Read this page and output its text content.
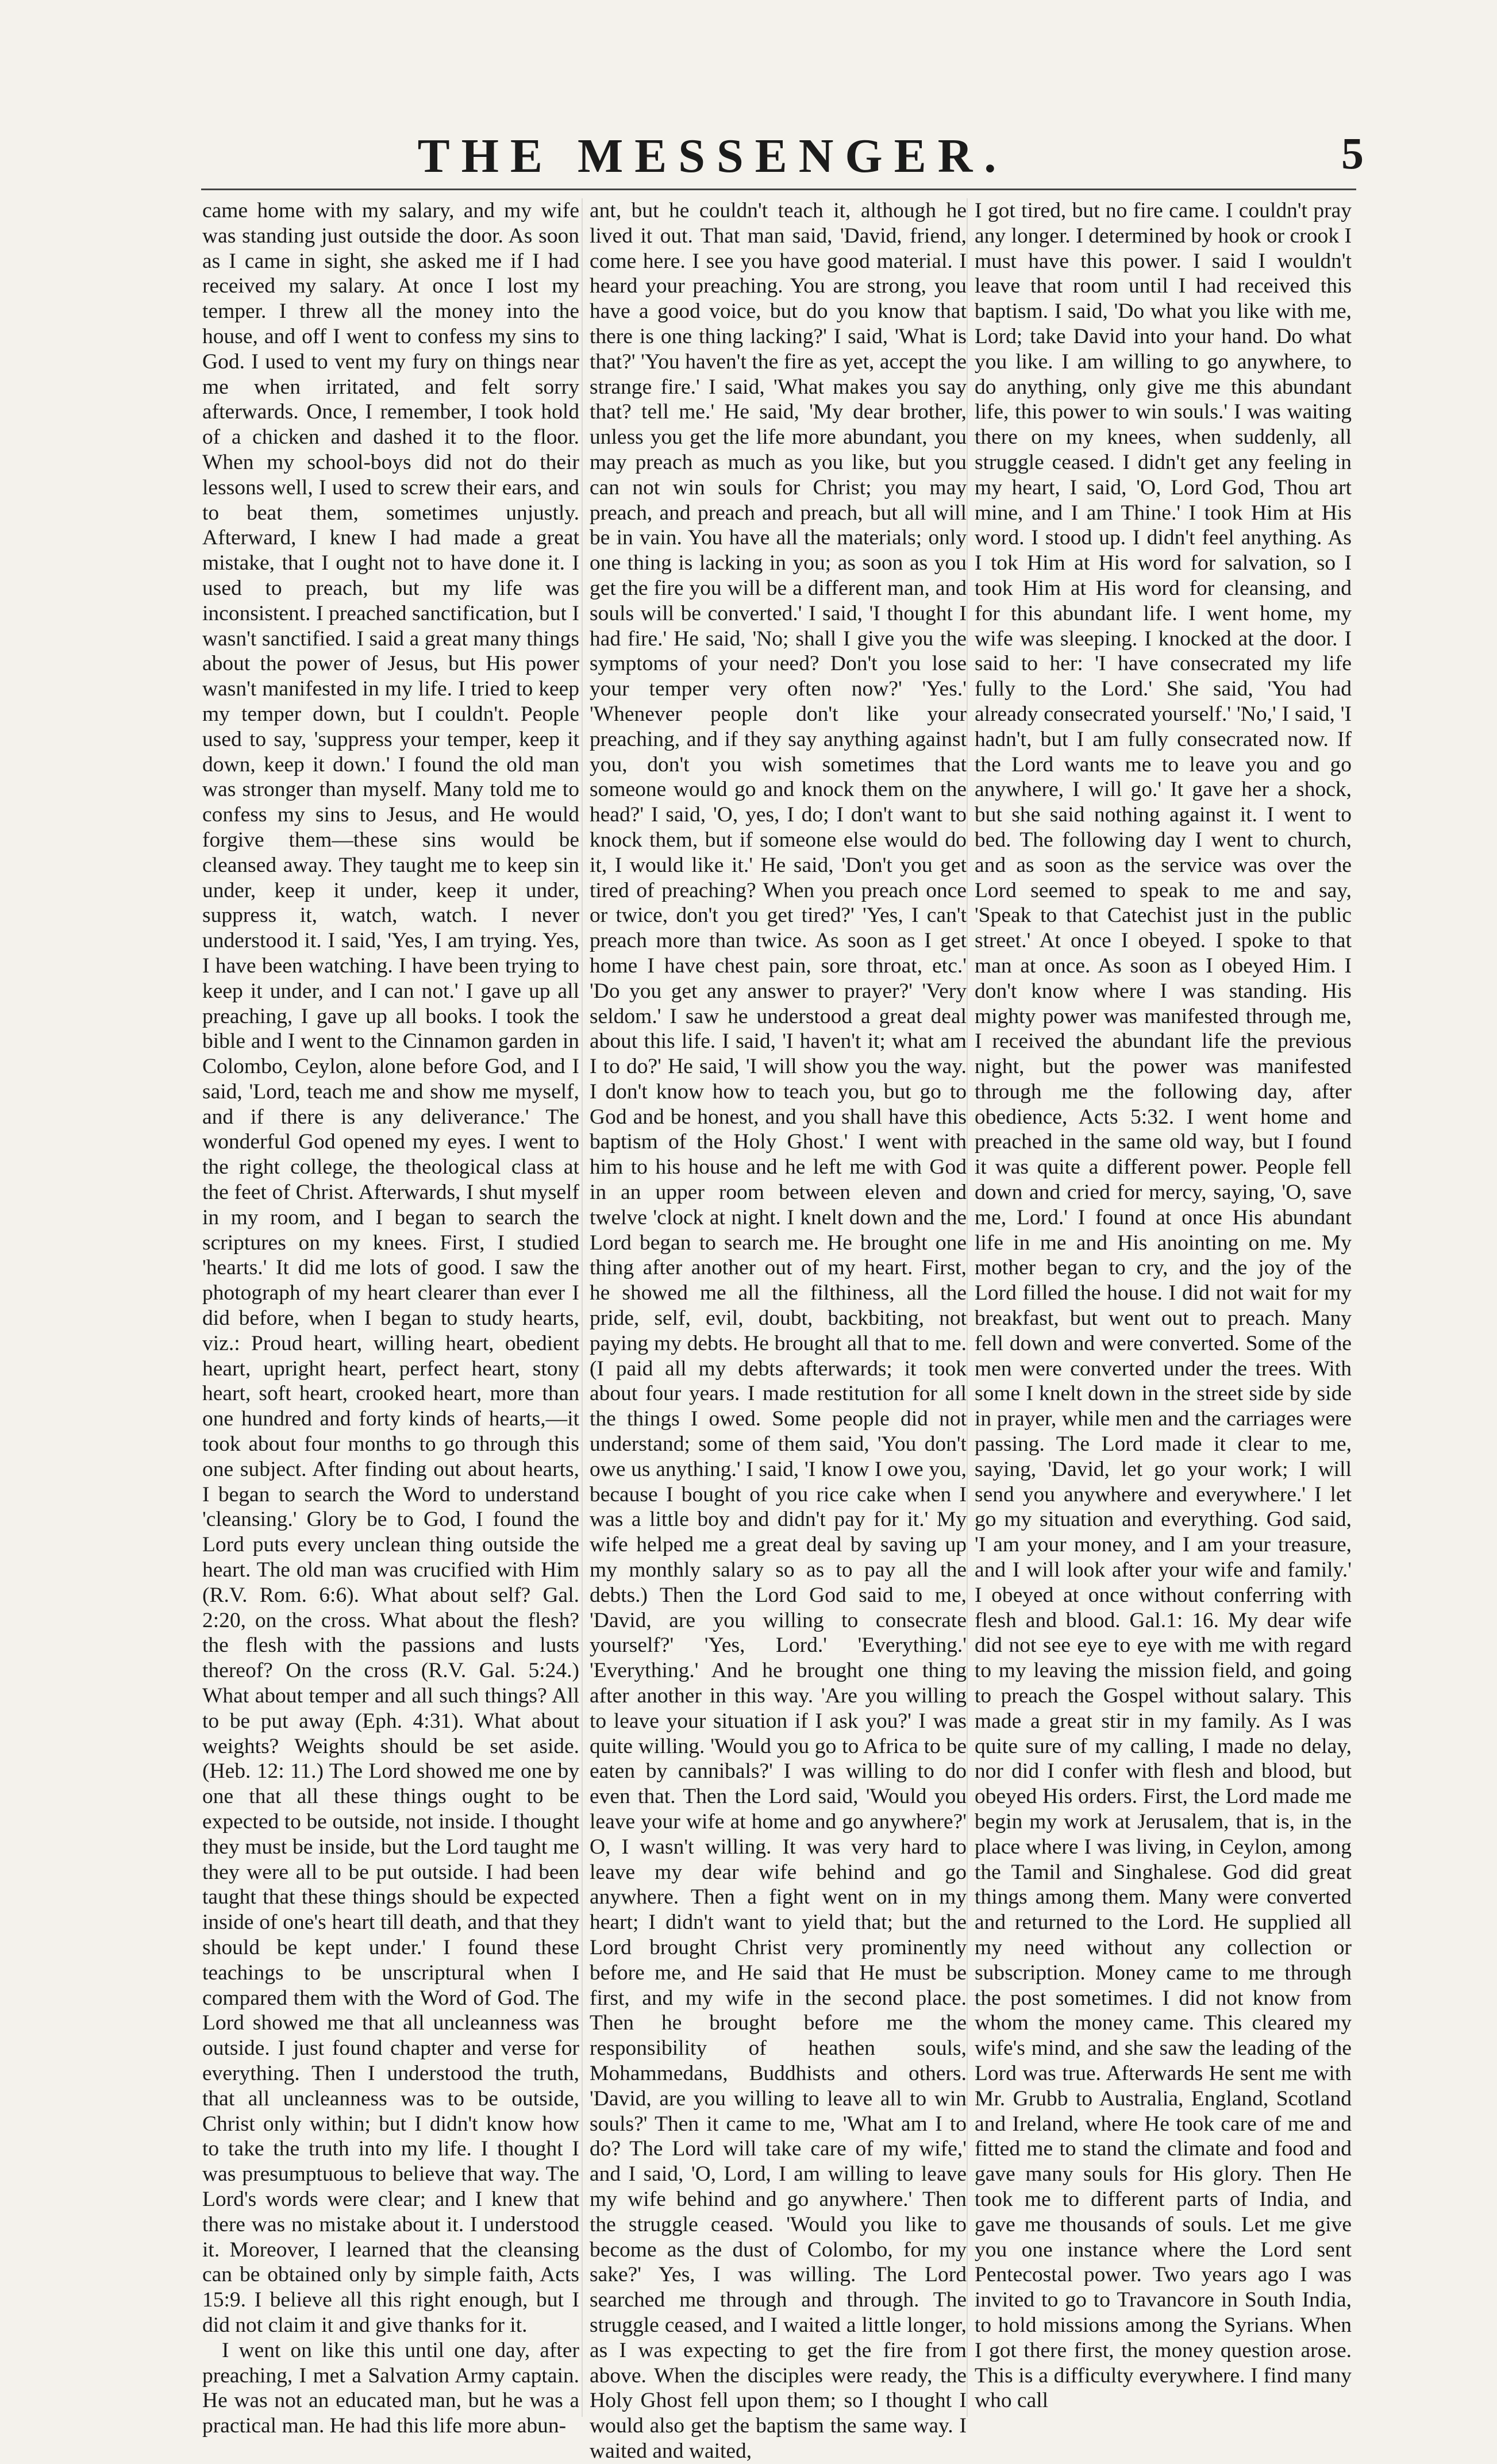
THE MESSENGER.	5

came home with my salary, and my wife was standing just outside the door. As soon as I came in sight, she asked me if I had received my salary. At once I lost my temper. I threw all the money into the house, and off I went to confess my sins to God. I used to vent my fury on things near me when irritated, and felt sorry afterwards. Once, I remember, I took hold of a chicken and dashed it to the floor. When my school-boys did not do their lessons well, I used to screw their ears, and to beat them, sometimes unjustly. Afterward, I knew I had made a great mistake, that I ought not to have done it. I used to preach, but my life was inconsistent. I preached sanctification, but I wasn't sanctified. I said a great many things about the power of Jesus, but His power wasn't manifested in my life. I tried to keep my temper down, but I couldn't. People used to say, 'suppress your temper, keep it down, keep it down.' I found the old man was stronger than myself. Many told me to confess my sins to Jesus, and He would forgive them—these sins would be cleansed away. They taught me to keep sin under, keep it under, keep it under, suppress it, watch, watch. I never understood it. I said, 'Yes, I am trying. Yes, I have been watching. I have been trying to keep it under, and I can not.' I gave up all preaching, I gave up all books. I took the bible and I went to the Cinnamon garden in Colombo, Ceylon, alone before God, and I said, 'Lord, teach me and show me myself, and if there is any deliverance.' The wonderful God opened my eyes. I went to the right college, the theological class at the feet of Christ. Afterwards, I shut myself in my room, and I began to search the scriptures on my knees. First, I studied 'hearts.' It did me lots of good. I saw the photograph of my heart clearer than ever I did before, when I began to study hearts, viz.: Proud heart, willing heart, obedient heart, upright heart, perfect heart, stony heart, soft heart, crooked heart, more than one hundred and forty kinds of hearts,—it took about four months to go through this one subject. After finding out about hearts, I began to search the Word to understand 'cleansing.' Glory be to God, I found the Lord puts every unclean thing outside the heart. The old man was crucified with Him (R.V. Rom. 6:6). What about self? Gal. 2:20, on the cross. What about the flesh? the flesh with the passions and lusts thereof? On the cross (R.V. Gal. 5:24.) What about temper and all such things? All to be put away (Eph. 4:31). What about weights? Weights should be set aside. (Heb. 12: 11.) The Lord showed me one by one that all these things ought to be expected to be outside, not inside. I thought they must be inside, but the Lord taught me they were all to be put outside. I had been taught that these things should be expected inside of one's heart till death, and that they should be kept under.' I found these teachings to be unscriptural when I compared them with the Word of God. The Lord showed me that all uncleanness was outside. I just found chapter and verse for everything. Then I understood the truth, that all uncleanness was to be outside, Christ only within; but I didn't know how to take the truth into my life. I thought I was presumptuous to believe that way. The Lord's words were clear; and I knew that there was no mistake about it. I understood it. Moreover, I learned that the cleansing can be obtained only by simple faith, Acts 15:9. I believe all this right enough, but I did not claim it and give thanks for it.

I went on like this until one day, after preaching, I met a Salvation Army captain. He was not an educated man, but he was a practical man. He had this life more abun-

ant, but he couldn't teach it, although he lived it out. That man said, 'David, friend, come here. I see you have good material. I heard your preaching. You are strong, you have a good voice, but do you know that there is one thing lacking?' I said, 'What is that?' 'You haven't the fire as yet, accept the strange fire.' I said, 'What makes you say that? tell me.' He said, 'My dear brother, unless you get the life more abundant, you may preach as much as you like, but you can not win souls for Christ; you may preach, and preach and preach, but all will be in vain. You have all the materials; only one thing is lacking in you; as soon as you get the fire you will be a different man, and souls will be converted.' I said, 'I thought I had fire.' He said, 'No; shall I give you the symptoms of your need? Don't you lose your temper very often now?' 'Yes.' 'Whenever people don't like your preaching, and if they say anything against you, don't you wish sometimes that someone would go and knock them on the head?' I said, 'O, yes, I do; I don't want to knock them, but if someone else would do it, I would like it.' He said, 'Don't you get tired of preaching? When you preach once or twice, don't you get tired?' 'Yes, I can't preach more than twice. As soon as I get home I have chest pain, sore throat, etc.' 'Do you get any answer to prayer?' 'Very seldom.' I saw he understood a great deal about this life. I said, 'I haven't it; what am I to do?' He said, 'I will show you the way. I don't know how to teach you, but go to God and be honest, and you shall have this baptism of the Holy Ghost.' I went with him to his house and he left me with God in an upper room between eleven and twelve 'clock at night. I knelt down and the Lord began to search me. He brought one thing after another out of my heart. First, he showed me all the filthiness, all the pride, self, evil, doubt, backbiting, not paying my debts. He brought all that to me. (I paid all my debts afterwards; it took about four years. I made restitution for all the things I owed. Some people did not understand; some of them said, 'You don't owe us anything.' I said, 'I know I owe you, because I bought of you rice cake when I was a little boy and didn't pay for it.' My wife helped me a great deal by saving up my monthly salary so as to pay all the debts.) Then the Lord God said to me, 'David, are you willing to consecrate yourself?' 'Yes, Lord.' 'Everything.' 'Everything.' And he brought one thing after another in this way. 'Are you willing to leave your situation if I ask you?' I was quite willing. 'Would you go to Africa to be eaten by cannibals?' I was willing to do even that. Then the Lord said, 'Would you leave your wife at home and go anywhere?' O, I wasn't willing. It was very hard to leave my dear wife behind and go anywhere. Then a fight went on in my heart; I didn't want to yield that; but the Lord brought Christ very prominently before me, and He said that He must be first, and my wife in the second place. Then he brought before me the responsibility of heathen souls, Mohammedans, Buddhists and others. 'David, are you willing to leave all to win souls?' Then it came to me, 'What am I to do? The Lord will take care of my wife,' and I said, 'O, Lord, I am willing to leave my wife behind and go anywhere.' Then the struggle ceased. 'Would you like to become as the dust of Colombo, for my sake?' Yes, I was willing. The Lord searched me through and through. The struggle ceased, and I waited a little longer, as I was expecting to get the fire from above. When the disciples were ready, the Holy Ghost fell upon them; so I thought I would also get the baptism the same way. I waited and waited,

I got tired, but no fire came. I couldn't pray any longer. I determined by hook or crook I must have this power. I said I wouldn't leave that room until I had received this baptism. I said, 'Do what you like with me, Lord; take David into your hand. Do what you like. I am willing to go anywhere, to do anything, only give me this abundant life, this power to win souls.' I was waiting there on my knees, when suddenly, all struggle ceased. I didn't get any feeling in my heart, I said, 'O, Lord God, Thou art mine, and I am Thine.' I took Him at His word. I stood up. I didn't feel anything. As I tok Him at His word for salvation, so I took Him at His word for cleansing, and for this abundant life. I went home, my wife was sleeping. I knocked at the door. I said to her: 'I have consecrated my life fully to the Lord.' She said, 'You had already consecrated yourself.' 'No,' I said, 'I hadn't, but I am fully consecrated now. If the Lord wants me to leave you and go anywhere, I will go.' It gave her a shock, but she said nothing against it. I went to bed. The following day I went to church, and as soon as the service was over the Lord seemed to speak to me and say, 'Speak to that Catechist just in the public street.' At once I obeyed. I spoke to that man at once. As soon as I obeyed Him. I don't know where I was standing. His mighty power was manifested through me, I received the abundant life the previous night, but the power was manifested through me the following day, after obedience, Acts 5:32. I went home and preached in the same old way, but I found it was quite a different power. People fell down and cried for mercy, saying, 'O, save me, Lord.' I found at once His abundant life in me and His anointing on me. My mother began to cry, and the joy of the Lord filled the house. I did not wait for my breakfast, but went out to preach. Many fell down and were converted. Some of the men were converted under the trees. With some I knelt down in the street side by side in prayer, while men and the carriages were passing. The Lord made it clear to me, saying, 'David, let go your work; I will send you anywhere and everywhere.' I let go my situation and everything. God said, 'I am your money, and I am your treasure, and I will look after your wife and family.' I obeyed at once without conferring with flesh and blood. Gal.1: 16. My dear wife did not see eye to eye with me with regard to my leaving the mission field, and going to preach the Gospel without salary. This made a great stir in my family. As I was quite sure of my calling, I made no delay, nor did I confer with flesh and blood, but obeyed His orders. First, the Lord made me begin my work at Jerusalem, that is, in the place where I was living, in Ceylon, among the Tamil and Singhalese. God did great things among them. Many were converted and returned to the Lord. He supplied all my need without any collection or subscription. Money came to me through the post sometimes. I did not know from whom the money came. This cleared my wife's mind, and she saw the leading of the Lord was true. Afterwards He sent me with Mr. Grubb to Australia, England, Scotland and Ireland, where He took care of me and fitted me to stand the climate and food and gave many souls for His glory. Then He took me to different parts of India, and gave me thousands of souls. Let me give you one instance where the Lord sent Pentecostal power. Two years ago I was invited to go to Travancore in South India, to hold missions among the Syrians. When I got there first, the money question arose. This is a difficulty everywhere. I find many who call
